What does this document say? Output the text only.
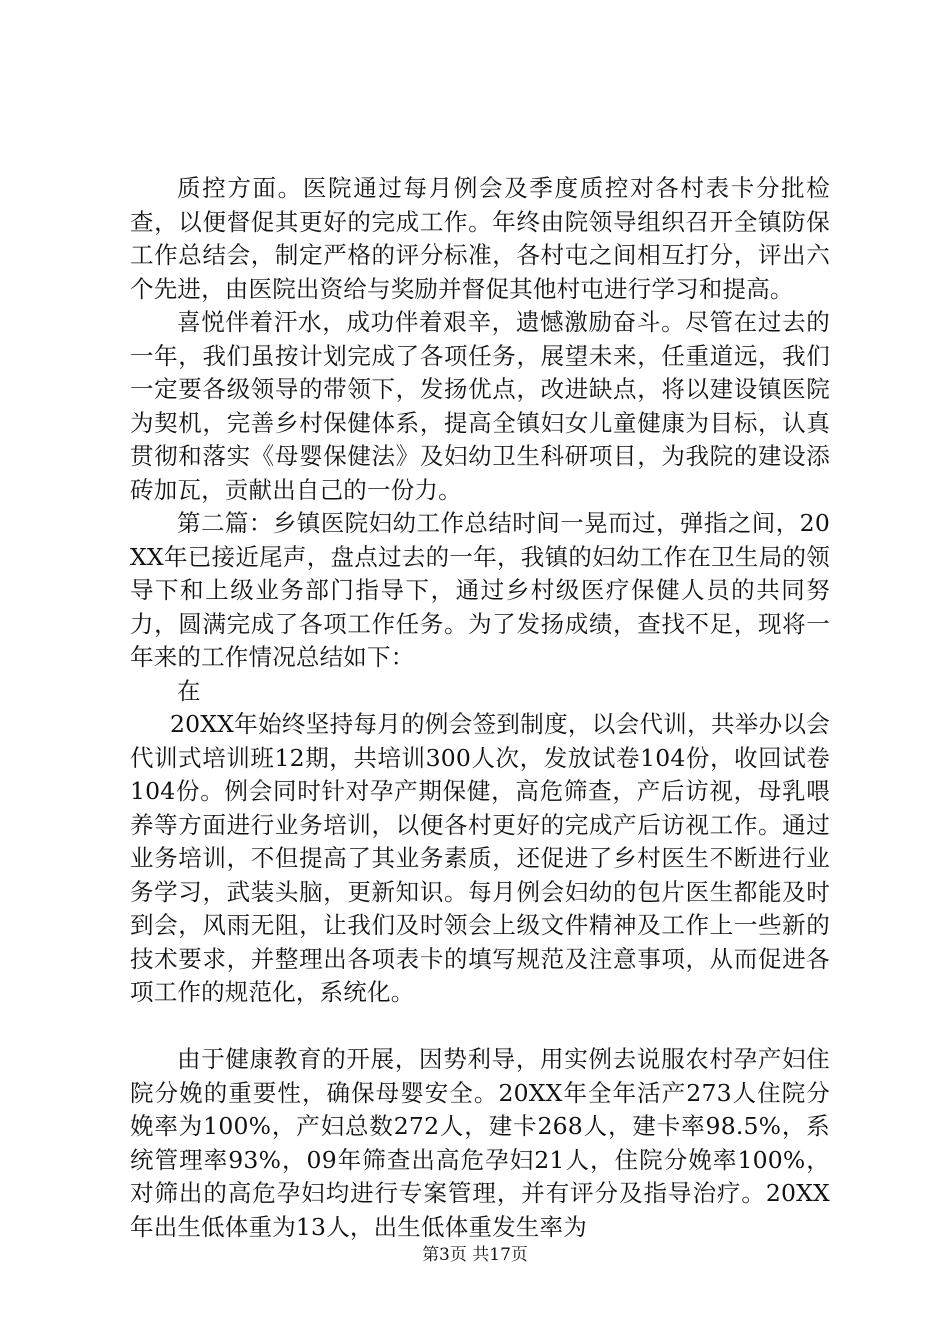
质控方面。医院通过每月例会及季度质控对各村表卡分批检查，以便督促其更好的完成工作。年终由院领导组织召开全镇防保工作总结会，制定严格的评分标准，各村屯之间相互打分，评出六个先进，由医院出资给与奖励并督促其他村屯进行学习和提高。

喜悦伴着汗水，成功伴着艰辛，遗憾激励奋斗。尽管在过去的一年，我们虽按计划完成了各项任务，展望未来，任重道远，我们一定要各级领导的带领下，发扬优点，改进缺点，将以建设镇医院为契机，完善乡村保健体系，提高全镇妇女儿童健康为目标，认真贯彻和落实《母婴保健法》及妇幼卫生科研项目，为我院的建设添砖加瓦，贡献出自己的一份力。

第二篇：乡镇医院妇幼工作总结时间一晃而过，弹指之间，20XX年已接近尾声，盘点过去的一年，我镇的妇幼工作在卫生局的领导下和上级业务部门指导下，通过乡村级医疗保健人员的共同努力，圆满完成了各项工作任务。为了发扬成绩，查找不足，现将一年来的工作情况总结如下：

在

20XX年始终坚持每月的例会签到制度，以会代训，共举办以会代训式培训班12期，共培训300人次，发放试卷104份，收回试卷104份。例会同时针对孕产期保健，高危筛查，产后访视，母乳喂养等方面进行业务培训，以便各村更好的完成产后访视工作。通过业务培训，不但提高了其业务素质，还促进了乡村医生不断进行业务学习，武装头脑，更新知识。每月例会妇幼的包片医生都能及时到会，风雨无阻，让我们及时领会上级文件精神及工作上一些新的技术要求，并整理出各项表卡的填写规范及注意事项，从而促进各项工作的规范化，系统化。

由于健康教育的开展，因势利导，用实例去说服农村孕产妇住院分娩的重要性，确保母婴安全。20XX年全年活产273人住院分娩率为100%，产妇总数272人，建卡268人，建卡率98.5%，系统管理率93%，09年筛查出高危孕妇21人，住院分娩率100%，对筛出的高危孕妇均进行专案管理，并有评分及指导治疗。20XX年出生低体重为13人，出生低体重发生率为

第3页 共17页
